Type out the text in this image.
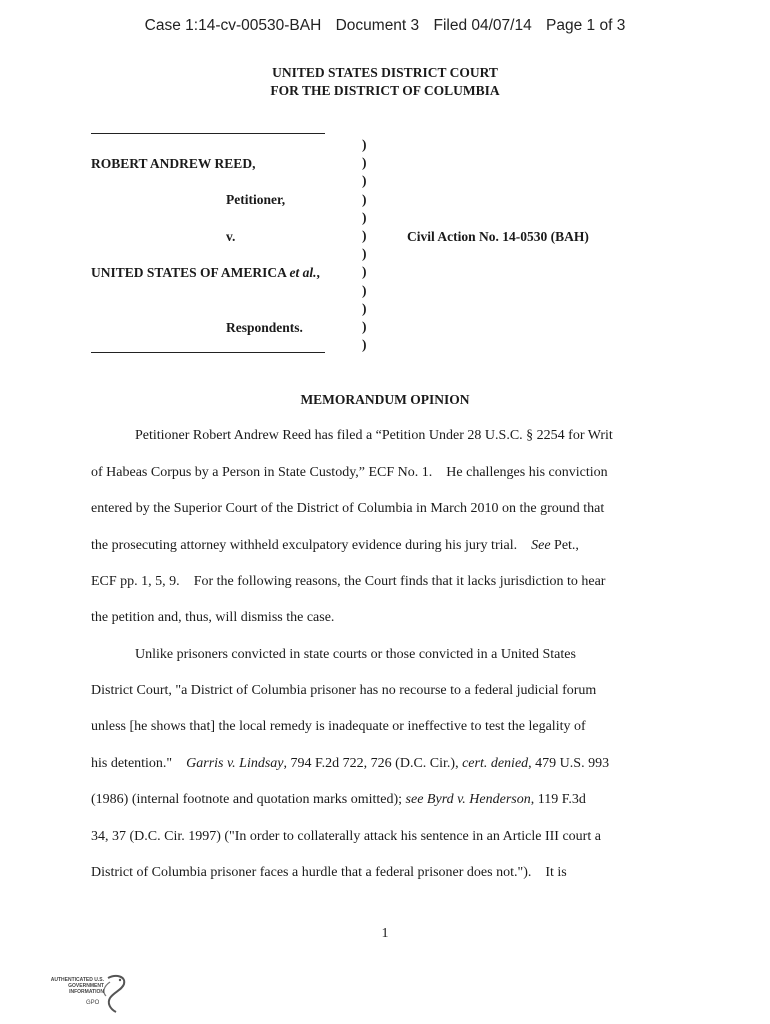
Case 1:14-cv-00530-BAH Document 3 Filed 04/07/14 Page 1 of 3
UNITED STATES DISTRICT COURT
FOR THE DISTRICT OF COLUMBIA
ROBERT ANDREW REED,
Petitioner,
v.
UNITED STATES OF AMERICA et al.,
Respondents.
Civil Action No. 14-0530 (BAH)
)
)
)
)
)
)
)
)
)
)
)
)
MEMORANDUM OPINION
Petitioner Robert Andrew Reed has filed a “Petition Under 28 U.S.C. § 2254 for Writ
of Habeas Corpus by a Person in State Custody,” ECF No. 1. He challenges his conviction
entered by the Superior Court of the District of Columbia in March 2010 on the ground that
the prosecuting attorney withheld exculpatory evidence during his jury trial. See Pet.,
ECF pp. 1, 5, 9. For the following reasons, the Court finds that it lacks jurisdiction to hear
the petition and, thus, will dismiss the case.
Unlike prisoners convicted in state courts or those convicted in a United States
District Court, "a District of Columbia prisoner has no recourse to a federal judicial forum
unless [he shows that] the local remedy is inadequate or ineffective to test the legality of
his detention." Garris v. Lindsay, 794 F.2d 722, 726 (D.C. Cir.), cert. denied, 479 U.S. 993
(1986) (internal footnote and quotation marks omitted); see Byrd v. Henderson, 119 F.3d
34, 37 (D.C. Cir. 1997) ("In order to collaterally attack his sentence in an Article III court a
District of Columbia prisoner faces a hurdle that a federal prisoner does not."). It is
1
AUTHENTICATED U.S. GOVERNMENT INFORMATION
GPO
